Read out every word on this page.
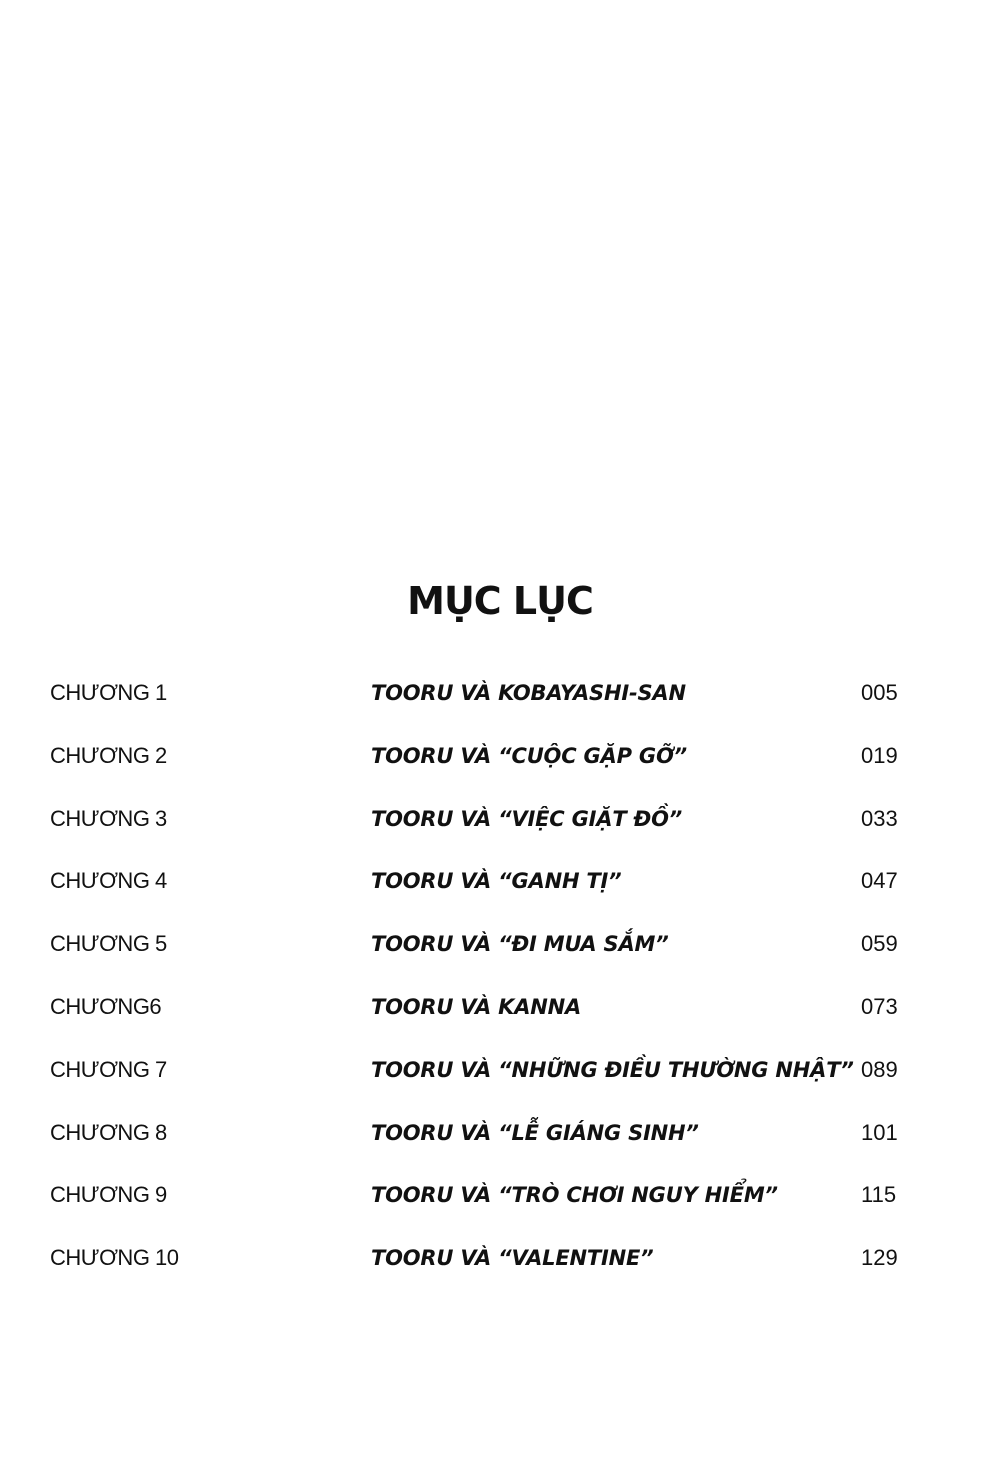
MỤC LỤC
CHƯƠNG 1	TOORU VÀ KOBAYASHI-SAN	005
CHƯƠNG 2	TOORU VÀ “CUỘC GẶP GỠ”	019
CHƯƠNG 3	TOORU VÀ “VIỆC GIẶT ĐỒ”	033
CHƯƠNG 4	TOORU VÀ “GANH TỊ”	047
CHƯƠNG 5	TOORU VÀ “ĐI MUA SẮM”	059
CHƯƠNG6	TOORU VÀ KANNA	073
CHƯƠNG 7	TOORU VÀ “NHỮNG ĐIỀU THƯỜNG NHẬT” 089
CHƯƠNG 8	TOORU VÀ “LỄ GIÁNG SINH”	101
CHƯƠNG 9	TOORU VÀ “TRÒ CHƠI NGUY HIỂM”	115
CHƯƠNG 10	TOORU VÀ “VALENTINE”	129
